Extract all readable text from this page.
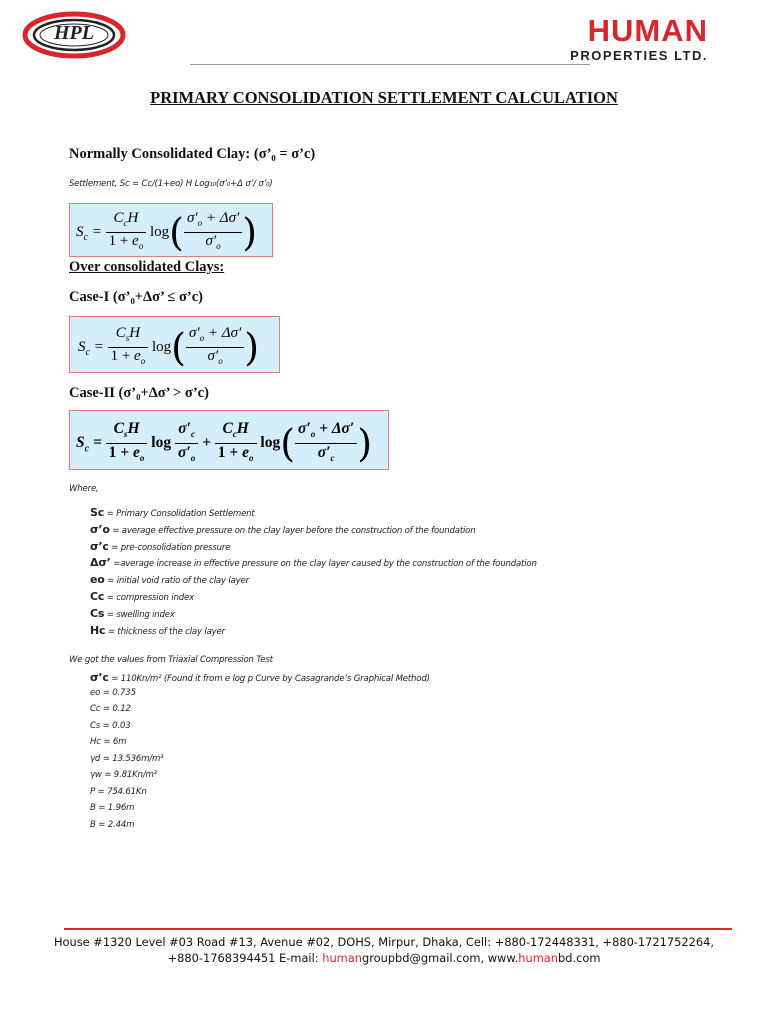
HPL	HUMAN
PROPERTIES LTD.
PRIMARY CONSOLIDATION SETTLEMENT CALCULATION
Normally Consolidated Clay: (σ’₀ = σ’c)
Settlement, Sc = Cc/(1+eo) H Log₁₀(σ’₀+Δ σ’/ σ’₀)
$S_c = \frac{C_cH}{1 + e_o} \log( \frac{\sigma'_o + \Delta\sigma'}{\sigma'_o}$ )
Over consolidated Clays:
Case-I (σ’₀+Δσ’ ≤ σ’c)
$S_c = \frac{C_sH}{1 + e_o} \log( \frac{\sigma'_o + \Delta\sigma'}{\sigma'_o}$ )
Case-II (σ’₀+Δσ’ > σ’c)
$S_c = \frac{C_sH}{1 + e_o}$ $\log \frac{\sigma'_c}{\sigma'_o} + \frac{C_cH}{1 + e_o} \log( \frac{\sigma'_o + \Delta\sigma'}{\sigma'_c}$ )
Where,
Sc = Primary Consolidation Settlement
σ’o = average effective pressure on the clay layer before the construction of the foundation
σ’c = pre-consolidation pressure
Δσ’ =average increase in effective pressure on the clay layer caused by the construction of the foundation
eo = initial void ratio of the clay layer
Cc = compression index
Cs = swelling index
Hc = thickness of the clay layer
We got the values from Triaxial Compression Test
σ’c = 110Kn/m² (Found it from e log p Curve by Casagrande’s Graphical Method)
eo = 0.735
Cc = 0.12
Cs = 0.03
Hc = 6m
γd = 13.536m/m³
γw = 9.81Kn/m³
P = 754.61Kn
B = 1.96m
B = 2.44m
House #1320 Level #03 Road #13, Avenue #02, DOHS, Mirpur, Dhaka, Cell: +880-172448331, +880-1721752264,
+880-1768394451 E-mail: humangroupbd@gmail.com, www.humanbd.com
